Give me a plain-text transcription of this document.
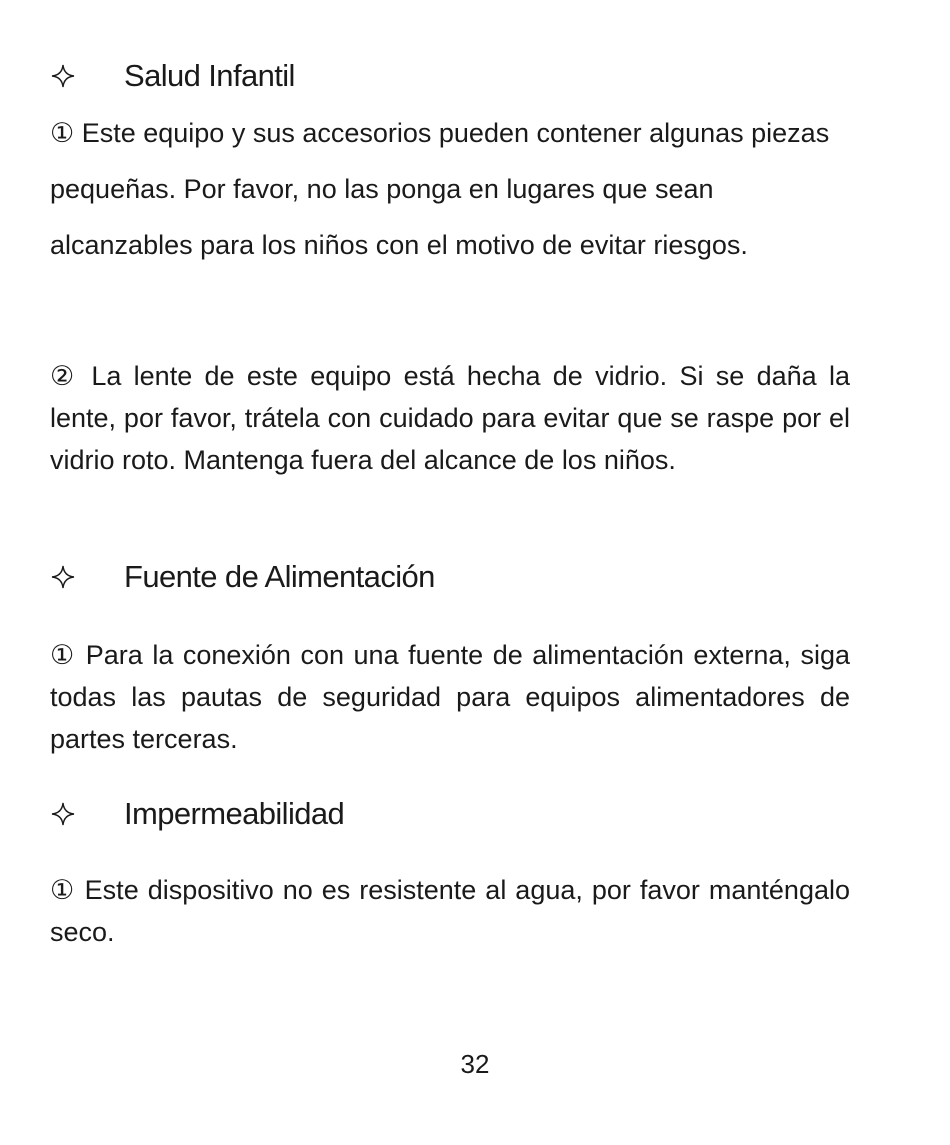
Salud Infantil

① Este equipo y sus accesorios pueden contener algunas piezas pequeñas. Por favor, no las ponga en lugares que sean alcanzables para los niños con el motivo de evitar riesgos.

② La lente de este equipo está hecha de vidrio. Si se daña la lente, por favor, trátela con cuidado para evitar que se raspe por el vidrio roto. Mantenga fuera del alcance de los niños.

Fuente de Alimentación

① Para la conexión con una fuente de alimentación externa, siga todas las pautas de seguridad para equipos alimentadores de partes terceras.

Impermeabilidad

① Este dispositivo no es resistente al agua, por favor manténgalo seco.

32
